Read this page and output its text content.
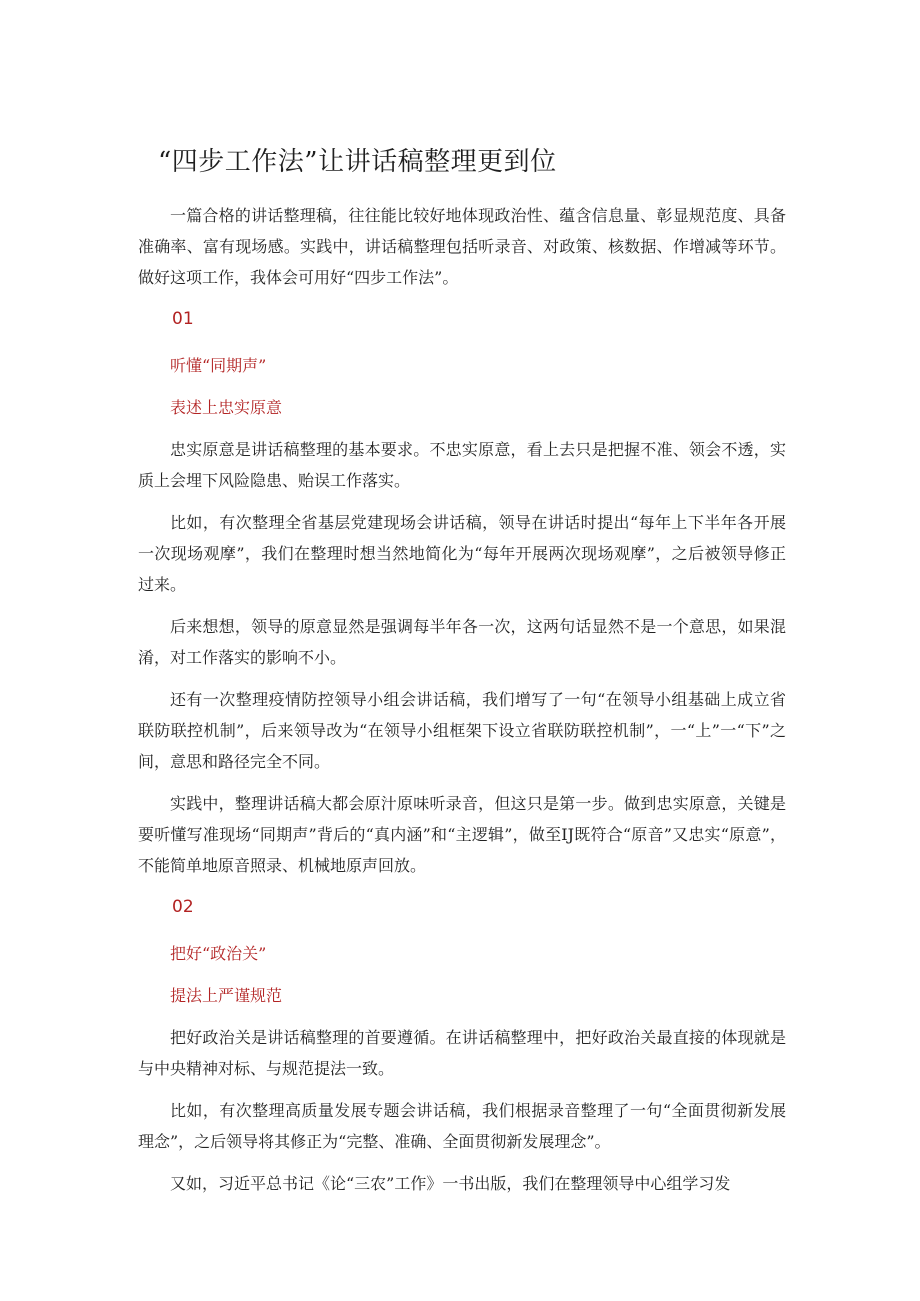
“四步工作法”让讲话稿整理更到位

一篇合格的讲话整理稿，往往能比较好地体现政治性、蕴含信息量、彰显规范度、具备准确率、富有现场感。实践中，讲话稿整理包括听录音、对政策、核数据、作增减等环节。做好这项工作，我体会可用好“四步工作法”。

01

听懂“同期声”

表述上忠实原意

忠实原意是讲话稿整理的基本要求。不忠实原意，看上去只是把握不准、领会不透，实质上会埋下风险隐患、贻误工作落实。

比如，有次整理全省基层党建现场会讲话稿，领导在讲话时提出“每年上下半年各开展一次现场观摩”，我们在整理时想当然地简化为“每年开展两次现场观摩”，之后被领导修正过来。

后来想想，领导的原意显然是强调每半年各一次，这两句话显然不是一个意思，如果混淆，对工作落实的影响不小。

还有一次整理疫情防控领导小组会讲话稿，我们增写了一句“在领导小组基础上成立省联防联控机制”，后来领导改为“在领导小组框架下设立省联防联控机制”，一“上”一“下”之间，意思和路径完全不同。

实践中，整理讲话稿大都会原汁原味听录音，但这只是第一步。做到忠实原意，关键是要听懂写准现场“同期声”背后的“真内涵”和“主逻辑”，做至IJ既符合“原音”又忠实“原意”，不能简单地原音照录、机械地原声回放。

02

把好“政治关”

提法上严谨规范

把好政治关是讲话稿整理的首要遵循。在讲话稿整理中，把好政治关最直接的体现就是与中央精神对标、与规范提法一致。

比如，有次整理高质量发展专题会讲话稿，我们根据录音整理了一句“全面贯彻新发展理念”，之后领导将其修正为“完整、准确、全面贯彻新发展理念”。

又如，习近平总书记《论“三农”工作》一书出版，我们在整理领导中心组学习发
